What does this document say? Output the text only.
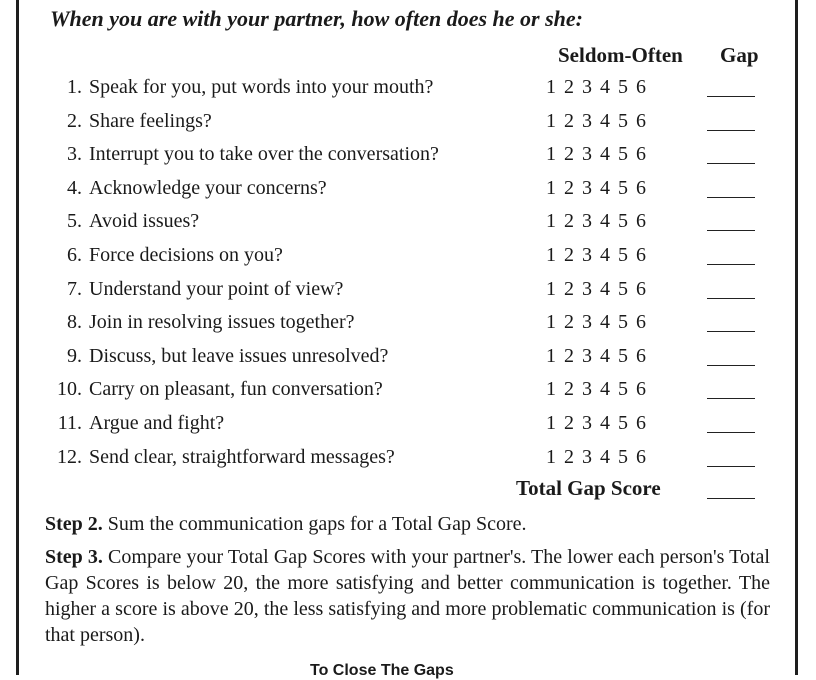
When you are with your partner, how often does he or she:
Seldom-Often Gap
1. Speak for you, put words into your mouth?	1 2 3 4 5 6
2. Share feelings?	1 2 3 4 5 6
3. Interrupt you to take over the conversation?	1 2 3 4 5 6
4. Acknowledge your concerns?	1 2 3 4 5 6
5. Avoid issues?	1 2 3 4 5 6
6. Force decisions on you?	1 2 3 4 5 6
7. Understand your point of view?	1 2 3 4 5 6
8. Join in resolving issues together?	1 2 3 4 5 6
9. Discuss, but leave issues unresolved?	1 2 3 4 5 6
10. Carry on pleasant, fun conversation?	1 2 3 4 5 6
11. Argue and fight?	1 2 3 4 5 6
12. Send clear, straightforward messages?	1 2 3 4 5 6
Total Gap Score
Step 2. Sum the communication gaps for a Total Gap Score.
Step 3. Compare your Total Gap Scores with your partner's. The lower each person's Total Gap Scores is below 20, the more satisfying and better communication is together. The higher a score is above 20, the less satisfying and more problematic communication is (for that person).
To Close The Gaps
